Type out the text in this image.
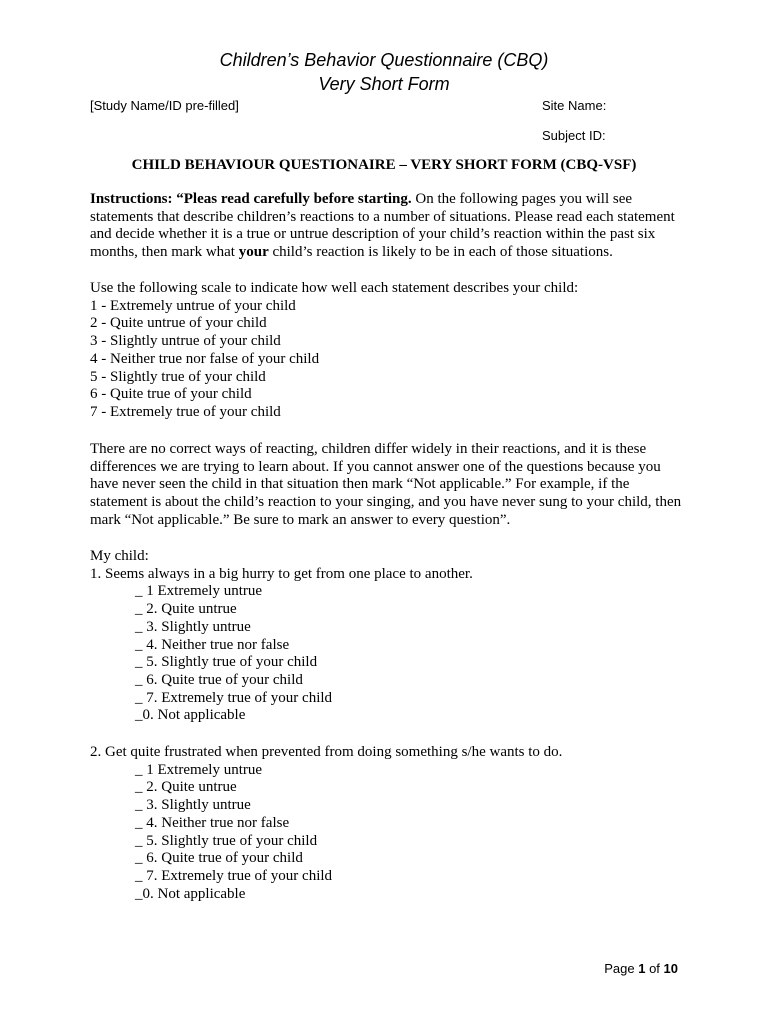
Children’s Behavior Questionnaire (CBQ)
Very Short Form
[Study Name/ID pre-filled]	Site Name:
Subject ID:
CHILD BEHAVIOUR QUESTIONAIRE – VERY SHORT FORM (CBQ-VSF)

Instructions: “Pleas read carefully before starting. On the following pages you will see statements that describe children’s reactions to a number of situations. Please read each statement and decide whether it is a true or untrue description of your child’s reaction within the past six months, then mark what your child’s reaction is likely to be in each of those situations.

Use the following scale to indicate how well each statement describes your child:

1 - Extremely untrue of your child

2 - Quite untrue of your child

3 - Slightly untrue of your child

4 - Neither true nor false of your child

5 - Slightly true of your child

6 - Quite true of your child

7 - Extremely true of your child

There are no correct ways of reacting, children differ widely in their reactions, and it is these differences we are trying to learn about. If you cannot answer one of the questions because you have never seen the child in that situation then mark “Not applicable.” For example, if the statement is about the child’s reaction to your singing, and you have never sung to your child, then mark “Not applicable.” Be sure to mark an answer to every question”.

My child:

1. Seems always in a big hurry to get from one place to another.

_ 1 Extremely untrue

_ 2. Quite untrue

_ 3. Slightly untrue

_ 4. Neither true nor false

_ 5. Slightly true of your child

_ 6. Quite true of your child

_ 7. Extremely true of your child

_0. Not applicable

2. Get quite frustrated when prevented from doing something s/he wants to do.

_ 1 Extremely untrue

_ 2. Quite untrue

_ 3. Slightly untrue

_ 4. Neither true nor false

_ 5. Slightly true of your child

_ 6. Quite true of your child

_ 7. Extremely true of your child

_0. Not applicable

Page 1 of 10
